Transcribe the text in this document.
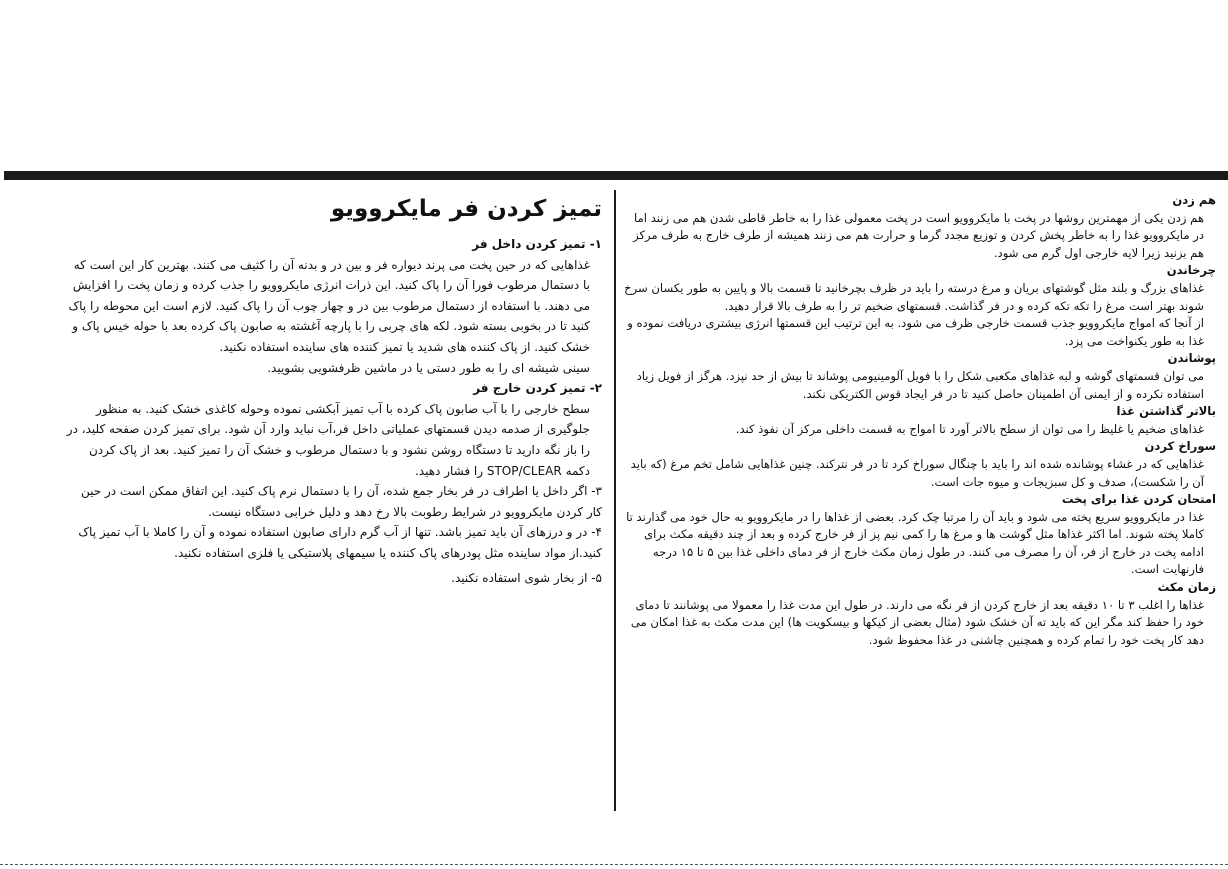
تمیز کردن فر مایکروویو
۱- تمیز کردن داخل فر

غذاهایی که در حین پخت می پرند دیواره فر و بین در و بدنه آن را کثیف می کنند. بهترین کار این است که با دستمال مرطوب فورا آن را پاک کنید. این ذرات انرژی مایکروویو را جذب کرده و زمان پخت را افزایش می دهند. با استفاده از دستمال مرطوب بین در و چهار چوب آن را پاک کنید. لازم است این محوطه را پاک کنید تا در بخوبی بسته شود. لکه های چربی را با پارچه آغشته به صابون پاک کرده بعد با حوله خیس پاک و خشک کنید. از پاک کننده های شدید یا تمیز کننده های ساینده استفاده نکنید.

سینی شیشه ای را به طور دستی یا در ماشین ظرفشویی بشویید.

۲- تمیز کردن خارج فر

سطح خارجی را با آب صابون پاک کرده با آب تمیز آبکشی نموده وحوله کاغذی خشک کنید. به منظور جلوگیری از صدمه دیدن قسمتهای عملیاتی داخل فر،آب نباید وارد آن شود. برای تمیز کردن صفحه کلید، در را باز نگه دارید تا دستگاه روشن نشود و با دستمال مرطوب و خشک آن را تمیز کنید. بعد از پاک کردن دکمه STOP/CLEAR را فشار دهید.

۳- اگر داخل یا اطراف در فر بخار جمع شده، آن را با دستمال نرم پاک کنید. این اتفاق ممکن است در حین کار کردن مایکروویو در شرایط رطوبت بالا رخ دهد و دلیل خرابی دستگاه نیست.

۴- در و درزهای آن باید تمیز باشد. تنها از آب گرم دارای صابون استفاده نموده و آن را کاملا با آب تمیز پاک کنید.از مواد ساینده مثل پودرهای پاک کننده یا سیمهای پلاستیکی یا فلزی استفاده نکنید.

۵- از بخار شوی استفاده نکنید.

هم زدن

هم زدن یکی از مهمترین روشها در پخت با مایکروویو است در پخت معمولی غذا را به خاطر قاطی شدن هم می زنند اما در مایکروویو غذا را به خاطر پخش کردن و توزیع مجدد گرما و حرارت هم می زنند همیشه از طرف خارج به طرف مرکز هم بزنید زیرا لایه خارجی اول گرم می شود.

چرخاندن

غذاهای بزرگ و بلند مثل گوشتهای بریان و مرغ درسته را باید در ظرف بچرخانید تا قسمت بالا و پایین به طور یکسان سرخ شوند بهتر است مرغ را تکه تکه کرده و در فر گذاشت. قسمتهای ضخیم تر را به طرف بالا قرار دهید.

از آنجا که امواج مایکروویو جذب قسمت خارجی ظرف می شود. به این ترتیب این قسمتها انرژی بیشتری دریافت نموده و غذا به طور یکنواخت می پزد.

پوشاندن

می توان قسمتهای گوشه و لبه غذاهای مکعبی شکل را با فویل آلومینیومی پوشاند تا بیش از حد نپزد. هرگز از فویل زیاد استفاده نکرده و از ایمنی آن اطمینان حاصل کنید تا در فر ایجاد قوس الکتریکی نکند.

بالاتر گذاشتن غذا

غذاهای ضخیم یا غلیظ را می توان از سطح بالاتر آورد تا امواج به قسمت داخلی مرکز آن نفوذ کند.

سوراخ کردن

غذاهایی که در غشاء پوشانده شده اند را باید با چنگال سوراخ کرد تا در فر نترکند. چنین غذاهایی شامل تخم مرغ (که باید آن را شکست)، صدف و کل سبزیجات و میوه جات است.

امتحان کردن غذا برای پخت

غذا در مایکروویو سریع پخته می شود و باید آن را مرتبا چک کرد. بعضی از غذاها را در مایکروویو به حال خود می گذارند تا کاملا پخته شوند. اما اکثر غذاها مثل گوشت ها و مرغ ها را کمی نیم پز از فر خارج کرده و بعد از چند دقیقه مکث برای ادامه پخت در خارج از فر، آن را مصرف می کنند. در طول زمان مکث خارج از فر دمای داخلی غذا بین ۵ تا ۱۵ درجه فارنهایت است.

زمان مکث

غذاها را اغلب ۳ تا ۱۰ دقیقه بعد از خارج کردن از فر نگه می دارند. در طول این مدت غذا را معمولا می پوشانند تا دمای خود را حفظ کند مگر این که باید ته آن خشک شود (مثال بعضی از کیکها و بیسکویت ها) این مدت مکث به غذا امکان می دهد کار پخت خود را تمام کرده و همچنین چاشنی در غذا محفوظ شود.
